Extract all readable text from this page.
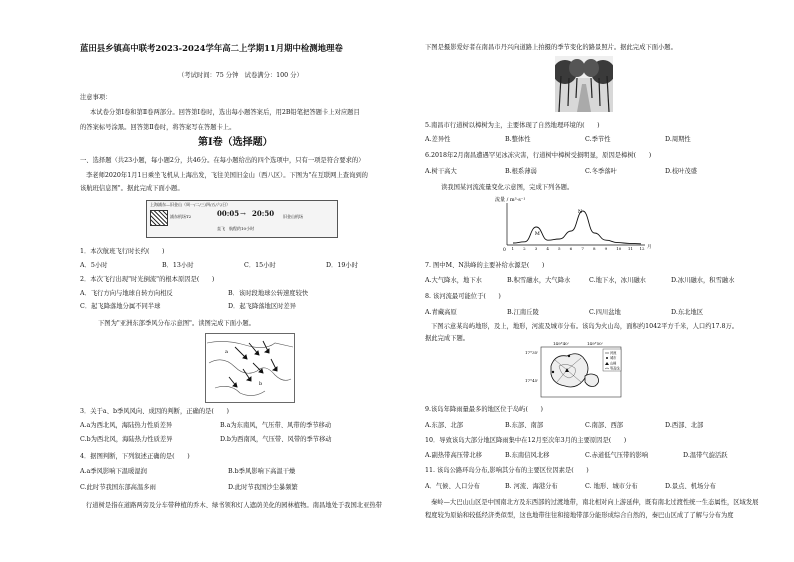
蓝田县乡镇高中联考2023-2024学年高二上学期11月期中检测地理卷
（考试时间：75 分钟　试卷满分：100 分）
注意事项：
本试卷分第Ⅰ卷和第Ⅱ卷两部分。回答第Ⅰ卷时，选出每小题答案后，用2B铅笔把答题卡上对应题目
的答案标号涂黑。回答第Ⅱ卷时，将答案写在答题卡上。
第Ⅰ卷（选择题）
一、选择题（共23小题，每小题2分，共46分。在每小题给出的四个选项中，只有一项是符合要求的）
李老师2020年1月1日乘坐飞机从上海出发，飞往美国旧金山（西八区）。下图为"在互联网上查询到的
该航班信息图"。据此完成下面小题。
上海浦东—旧金山（周一/二/三/四/五/六/日）
浦东机场T2	00:05 → 20:50 旧金山机场
直飞　航程约10小时
1．本次航班飞行时长约(　　)
A．5小时	B．13小时	C．15小时	D．19小时
2．本次飞行出现"时光倒流"的根本原因是(　　)
A．飞行方向与地球自转方向相反	B．该时段地球公转速度较快
C．起飞降落地分属不同半球	D．起飞降落地区时差异
下图为"亚洲东部季风分布示意图"。读图完成下面小题。
a
b
3．关于a、b季风风向、成因的判断，正确的是(　　)
A.a为西北风，海陆热力性质差异	B.a为东南风，气压带、风带的季节移动
C.b为西北风，海陆热力性质差异	D.b为西南风，气压带、风带的季节移动
4．据图判断，下列叙述正确的是(　　)
A.a季风影响下温暖湿润	B.b季风影响下高温干燥
C.此时节我国东部高温多雨	D.此时节我国沙尘暴频繁
行道树是指在道路两旁及分车带种植的乔木、绿书领和灯人遮荫美化的园林植物。南昌地处于我国北亚热带
下图是摄影爱好者在南昌市丹兴向道路上拍摄的季节变化的路景照片。据此完成下面小题。
5.南昌市行道树以樟树为主，主要体现了自然地理环境的(　　)
A.差异性	B.整体性	C.季节性	D.周期性
6.2018年2月南昌遭遇罕见冰冻灾害，行道树中樟树受损明显，原因是樟树(　　)
A.树干高大	B.根系薄弱	C.冬季落叶	D.枝叶茂盛
读我国某河流流量变化示意图，完成下列各题。
流量 / m³·s⁻¹
0
月
1 2 3 4 5 6 7 8 9 10 11 12
M
N
7. 图中M、N洪峰的主要补给水源是(　　)
A.大气降水，地下水	B.积雪融水，大气降水	C.地下水，冰川融水	D.冰川融水，积雪融水
8. 该河流最可能位于(　　)
A.青藏高原	B.江南丘陵	C.四川盆地	D.东北地区
下图示意某岛屿地形，及上，地形，河流及城市分布。该岛为火山岛，面积约1042平方千米，人口约17.8万。
据此完成下题。
149°40'	149°50'
17°35'
17°45'
河流
城市
山峰
等高线
9.该岛年降雨量最多的地区位于岛屿(　　)
A.东部、北部	B.东部、南部	C.南部、西部	D.西部、北部
10．导致该岛大部分地区降雨集中在12月至次年3月的主要原因是(　　)
A.副热带高压带北移	B.东南信风北移	C.赤道低气压带的影响	D.温带气旋活跃
11. 该岛公路环岛分布,影响其分布的主要区位因素是(　　)
A．气候、人口分布	B. 河流、海港分布	C. 地形、城市分布	D.景点、机场分布
秦岭—大巴山山区是中国南北方及东西部的过渡地带，南北相对向上游延伸，既有南北过渡性统一生态属性，区域发展
程度较为原始和较低经济类似型，这也地带往往和接地带部分能形成综合自然的，秦巴山区成了了解与分布为度
